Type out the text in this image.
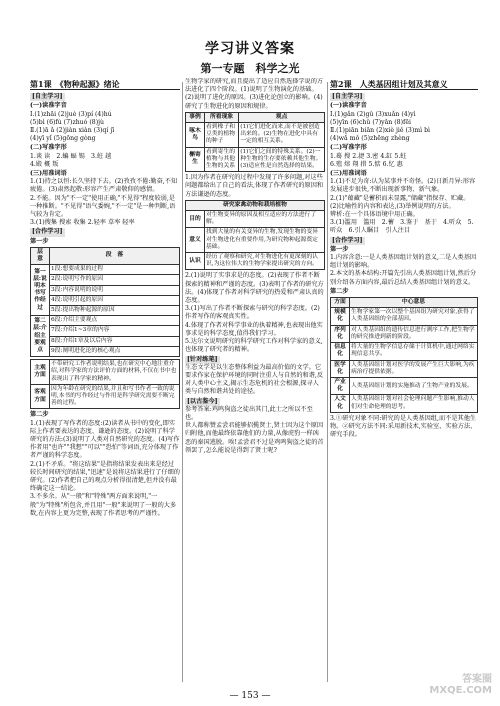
学习讲义答案
第一专题　科学之光
第1课　《物种起源》绪论
[自主学习]
(一)读准字音

Ⅰ.(1)zhāi (2)juè (3)pí (4)hú

(5)bì (6)fù (7)zhuó (8)jù

Ⅱ.(1)ā ǎ (2)jiàn xiàn (3)qí jī

(4)yī yǐ (5)gōng gòng

(二)写准字形

1.谈 读　2.蝙 蝠 锡　3.蛀 越

4.殿 概 叛

(三)用准词语

1.(1)持之以恒:长久坚持下去。(2)孜孜不倦:勤奋,不知疲倦。(3)肃然起敬:形容产生严肃敬仰的感情。

2.不能。因为"不一定"使用正确,"不见得"程度较弱,是一种推断。"不见得"语气委婉,"不一定"是一种判断,语气较为肯定。

3.(1)搜集 搜索 收集 2.轻率 草率 轻率

[合作学习]
第一步
层　意	段　落
第一层:说明本书写作经过	1段:想要成果的过程
	2段:说明写作的原因
	3段:内容说明的说明
	4段:说明引起的原因
	5段:提出物种起源的原因
第二层:介绍主要观点	6段:介绍主要观点
	7段:介绍1~3章的内容
	8段:介绍1章及以后内容
	9段:阐明进化论的核心观点
主观方面	不带研究工作者说明结果,也在研究中心地注重介绍,对科学家的方法评价方面的材料,不仅在书中也表现出了科学家的精神。
客观方面	因为年龄在研究的结果,并且和写书作者一致的说明,本书的写作经过与作用是科学研究需要不断完善的过程。
第二步

1.(1)表现了写作者的态度:(2)读者从书中的变化,即实际上作者要表达的态度、谦逊的态度。(2)说明了科学研究的方法:(3)说明了人类对自然研究的态度。(4)写作作者用"也许""我想""可以""恐怕"等词语,充分体现了作者严谨的科学态度。

2.(1)不矛盾。"将这结果"是指将结果发表出来是经过较长时间研究的结果,"迅速"是说将这结果进行了仔细的研究。(2)作者把自己的观点分析得很清楚,但并没有最终确定这一结论。

3.不多余。从"一般"和"特殊"两方面来说明,"一般"为"特殊"所包含,并且用"一般"来说明了一般的大多数,在内容上更为完整,表现了作者思考的严谨性。

生物学家的研究,而且提出了适应自然选择学说的方法进化了四个阶段。(1)说明了生物演化的基础。(2)说明了进化的原因。(3)进化论创立的影响。(4)研究了生物进化的原因和规律。

事例	所看现象	观点
啄木鸟	看到橡子和豆类的植物的种子	(1)它们进化而来,而不是被创造出来的。(2)生物在进化中具有一定的相互关系。
槲寄生	看到寄生的植物与其他生物的关系	(1)它们之间的特殊关系。(2)一种生物的生存要依赖其他生物。(3)适应性是自然选择的结果。

1.因为作者在研究的过程中发现了许多问题,对这些问题都给出了自己的看法,体现了作者研究的原因和方法谦逊的态度。

研究家禽动物和栽培植物	
目的	对生物变异的原因及相互适应的方法进行了解。
意义	找到大量的有关变异的生物,发现生物的变异对生物进化有重要作用,为研究物种起源奠定基础。
认识	经历了观察和研究,对生物进化有更深刻的认识,为这位伟大的生物学家提出研究的方向。

2.(1)说明了实事求是的态度。(2)表现了作者不断探索的精神和严谨的态度。(3)表明了作者的研究方法。(4)体现了作者对科学研究的热爱和严肃认真的态度。

3.(1)写出了作者不断探索与研究的科学态度。(2)作者写作的客观真实性。

4.体现了作者对科学事业的执着精神,也表现出他实事求是的科学态度,值得我们学习。

5.达尔文说明研究的科学研究工作对科学家的意义,也体现了研究者的精神。

[针对练笔]

生态文学是以生态整体利益为最高价值的文学。它要求作家在保护环境的同时注重人与自然的和谐,反对人类中心主义,揭示生态危机的社会根源,探寻人类与自然和谐共处的途径。

[以古鉴今]

参考答案:鸡鸣狗盗之徒出其门,此士之所以不至也。

世人都称赞孟尝君能够招揽贤士,贤士因为这个原因归附他,而他最终依靠他们的力量,从像虎豹一样凶恶的秦国逃脱。唉!孟尝君不过是鸡鸣狗盗之徒的首领罢了,怎么能说是得到了贤士呢?

第2课　人类基因组计划及其意义
[自主学习]
(一)读准字音

Ⅰ.(1)gǎn (2)gǔ (3)xuǎn (4)yì

(5)yīn (6)chǔ (7)yǎn (8)fēi

Ⅱ.(1)piān biān (2)xiè jiě (3)mì bì

(4)wǎ mǒ (5)zhēng zhèng

(二)写准字形

1.蓦 搜 2.捷 3.密 4.缸 5.蛀

6.殖 熔 翔 措 5.惦 6.忆 惠

(三)用准词语

1.(1)不足为奇:认为某事并不奇怪。(2)日新月异:形容发展进步很快,不断出现新事物、新气象。

2.(1)"蕴藏"是蓄积而未显露,"储藏"指保存、贮藏。(2)比喻性的内容和表达,(3)举例说明的方法。

辨析:在一个具体语境中用正确。

3.(1)滥用　滥用　2.蓄　3.鉴于　基于　4.听众　5.听众　6.引人瞩目　引人注目

[合作学习]
第一步

1.内容含意:一是人类基因组计划的意义,二是人类基因组计划的影响。

2.本文的基本结构:开篇先引出人类基因组计划,然后分别介绍各方面内容,最后总结人类基因组计划的意义。

第二步
方面	中心意思
规模化	生物学家第一次以整个基因组为研究对象,获得了人类基因组的全部基因。
序列化	对人类基因组的遗传信息进行测序工作,把生物学的研究推进到新的阶段。
信息化	将大量的生物学信息存储于计算机中,通过网络实现信息共享。
医学化	人类基因组计划对医学的发展产生巨大影响,为疾病治疗提供依据。
产业化	人类基因组计划的实施推动了生物产业的发展。
人文化	人类基因组计划对社会伦理问题产生影响,推动人们对生命伦理的思考。

3.①研究对象不同:研究的是人类基因组,而不是其他生物。②研究方法不同:采用新技术,实验室、实验方法、研究手段。

— 153 —
答案圈
MXQE.COM
